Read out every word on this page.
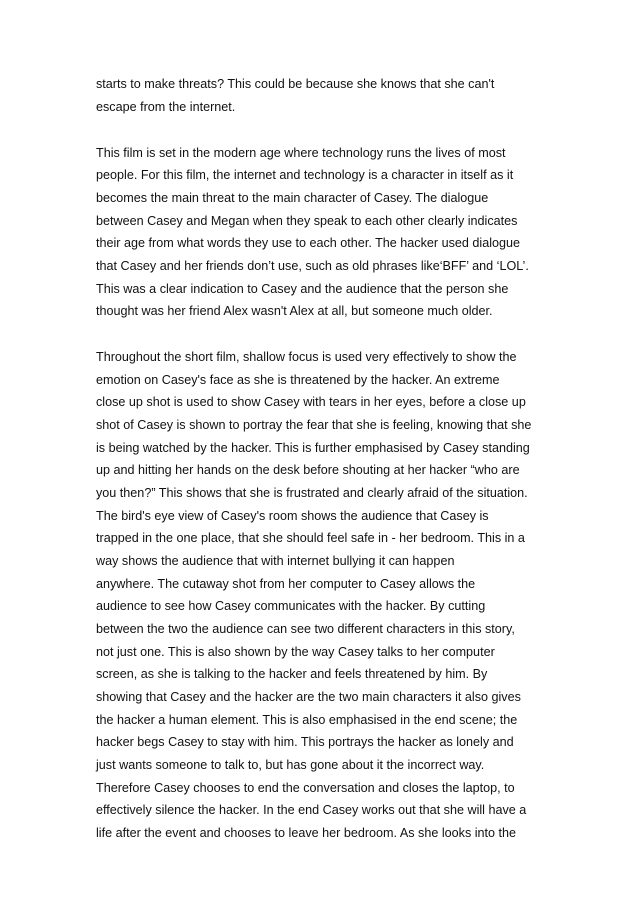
starts to make threats? This could be because she knows that she can't
escape from the internet.
This film is set in the modern age where technology runs the lives of most
people. For this film, the internet and technology is a character in itself as it
becomes the main threat to the main character of Casey. The dialogue
between Casey and Megan when they speak to each other clearly indicates
their age from what words they use to each other. The hacker used dialogue
that Casey and her friends don’t use, such as old phrases like‘BFF’ and ‘LOL’.
This was a clear indication to Casey and the audience that the person she
thought was her friend Alex wasn't Alex at all, but someone much older.
Throughout the short film, shallow focus is used very effectively to show the
emotion on Casey's face as she is threatened by the hacker. An extreme
close up shot is used to show Casey with tears in her eyes, before a close up
shot of Casey is shown to portray the fear that she is feeling, knowing that she
is being watched by the hacker. This is further emphasised by Casey standing
up and hitting her hands on the desk before shouting at her hacker “who are
you then?” This shows that she is frustrated and clearly afraid of the situation.
The bird's eye view of Casey's room shows the audience that Casey is
trapped in the one place, that she should feel safe in - her bedroom. This in a
way shows the audience that with internet bullying it can happen
anywhere. The cutaway shot from her computer to Casey allows the
audience to see how Casey communicates with the hacker. By cutting
between the two the audience can see two different characters in this story,
not just one. This is also shown by the way Casey talks to her computer
screen, as she is talking to the hacker and feels threatened by him. By
showing that Casey and the hacker are the two main characters it also gives
the hacker a human element. This is also emphasised in the end scene; the
hacker begs Casey to stay with him. This portrays the hacker as lonely and
just wants someone to talk to, but has gone about it the incorrect way.
Therefore Casey chooses to end the conversation and closes the laptop, to
effectively silence the hacker. In the end Casey works out that she will have a
life after the event and chooses to leave her bedroom. As she looks into the
